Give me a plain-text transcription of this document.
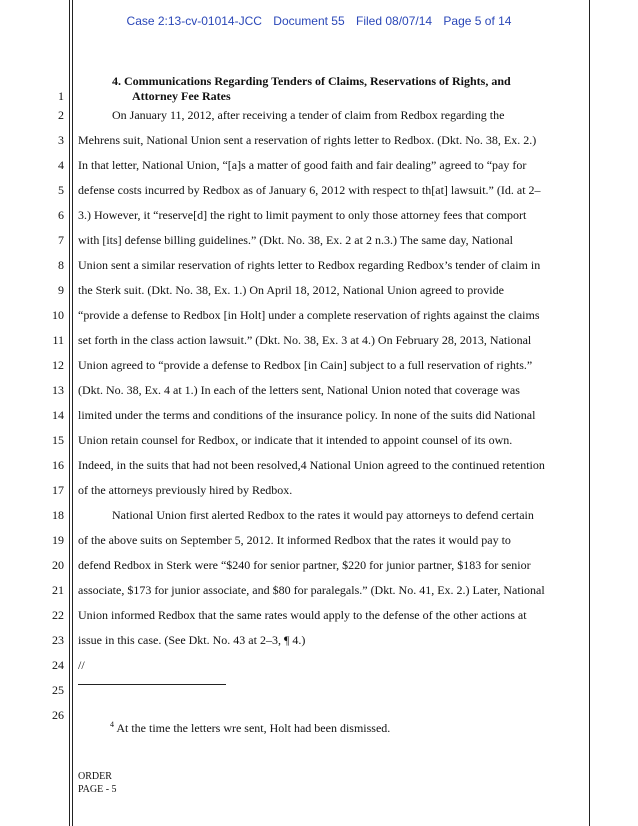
Case 2:13-cv-01014-JCC Document 55 Filed 08/07/14 Page 5 of 14
1
2
3
4
5
6
7
8
9
10
11
12
13
14
15
16
17
18
19
20
21
22
23
24
25
26
4. Communications Regarding Tenders of Claims, Reservations of Rights, and
Attorney Fee Rates
On January 11, 2012, after receiving a tender of claim from Redbox regarding the
Mehrens suit, National Union sent a reservation of rights letter to Redbox. (Dkt. No. 38, Ex. 2.)
In that letter, National Union, “[a]s a matter of good faith and fair dealing” agreed to “pay for
defense costs incurred by Redbox as of January 6, 2012 with respect to th[at] lawsuit.” (Id. at 2–
3.) However, it “reserve[d] the right to limit payment to only those attorney fees that comport
with [its] defense billing guidelines.” (Dkt. No. 38, Ex. 2 at 2 n.3.) The same day, National
Union sent a similar reservation of rights letter to Redbox regarding Redbox’s tender of claim in
the Sterk suit. (Dkt. No. 38, Ex. 1.) On April 18, 2012, National Union agreed to provide
“provide a defense to Redbox [in Holt] under a complete reservation of rights against the claims
set forth in the class action lawsuit.” (Dkt. No. 38, Ex. 3 at 4.) On February 28, 2013, National
Union agreed to “provide a defense to Redbox [in Cain] subject to a full reservation of rights.”
(Dkt. No. 38, Ex. 4 at 1.) In each of the letters sent, National Union noted that coverage was
limited under the terms and conditions of the insurance policy. In none of the suits did National
Union retain counsel for Redbox, or indicate that it intended to appoint counsel of its own.
Indeed, in the suits that had not been resolved,4 National Union agreed to the continued retention
of the attorneys previously hired by Redbox.
National Union first alerted Redbox to the rates it would pay attorneys to defend certain
of the above suits on September 5, 2012. It informed Redbox that the rates it would pay to
defend Redbox in Sterk were “$240 for senior partner, $220 for junior partner, $183 for senior
associate, $173 for junior associate, and $80 for paralegals.” (Dkt. No. 41, Ex. 2.) Later, National
Union informed Redbox that the same rates would apply to the defense of the other actions at
issue in this case. (See Dkt. No. 43 at 2–3, ¶ 4.)
//
$^4$ At the time the letters wre sent, Holt had been dismissed.
ORDER
PAGE - 5
